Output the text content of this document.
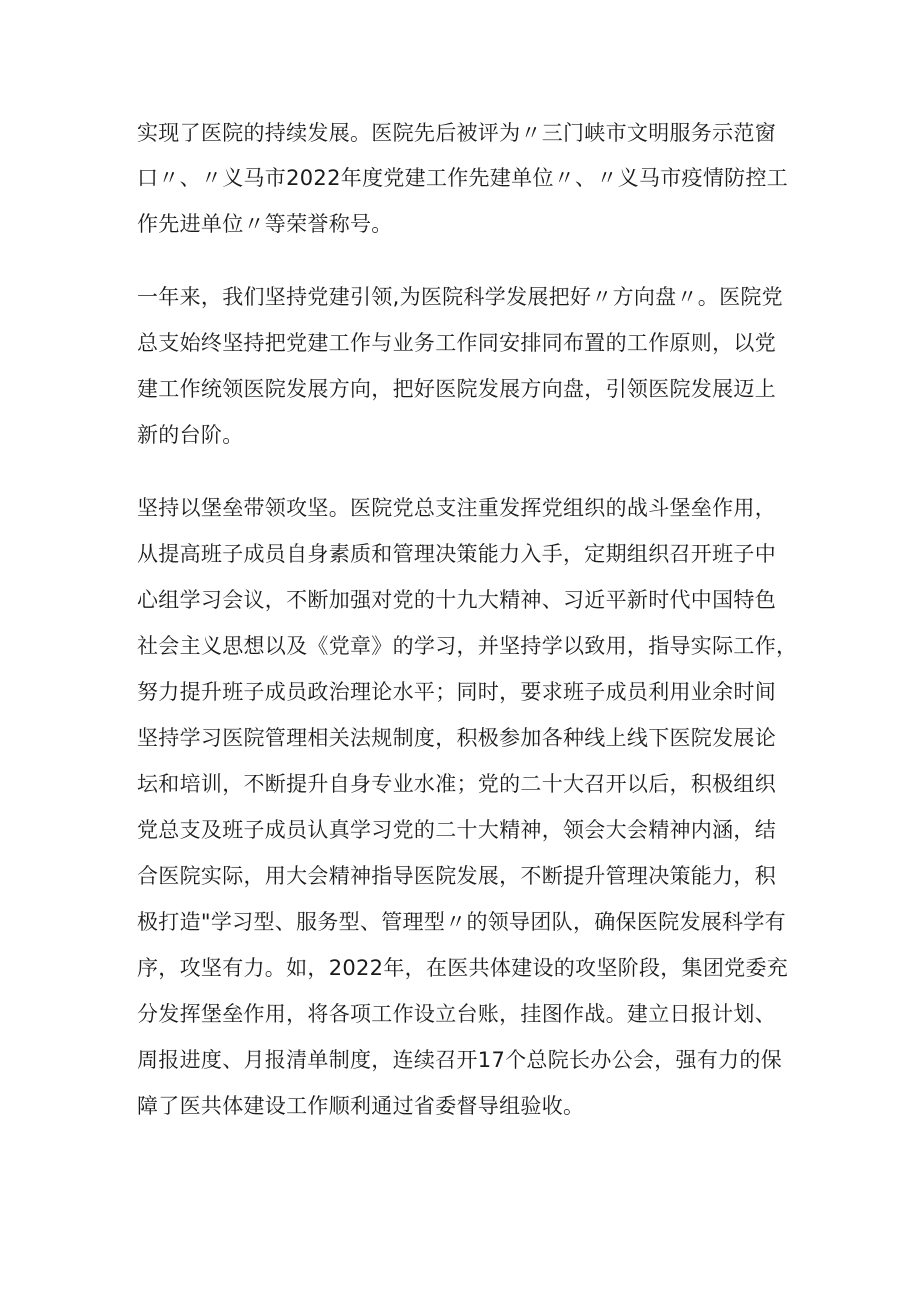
实现了医院的持续发展。医院先后被评为〃三门峡市文明服务示范窗

口〃、〃义马市2022年度党建工作先建单位〃、〃义马市疫情防控工

作先进单位〃等荣誉称号。

一年来，我们坚持党建引领,为医院科学发展把好〃方向盘〃。医院党

总支始终坚持把党建工作与业务工作同安排同布置的工作原则，以党

建工作统领医院发展方向，把好医院发展方向盘，引领医院发展迈上

新的台阶。

坚持以堡垒带领攻坚。医院党总支注重发挥党组织的战斗堡垒作用，

从提高班子成员自身素质和管理决策能力入手，定期组织召开班子中

心组学习会议，不断加强对党的十九大精神、习近平新时代中国特色

社会主义思想以及《党章》的学习，并坚持学以致用，指导实际工作，

努力提升班子成员政治理论水平；同时，要求班子成员利用业余时间

坚持学习医院管理相关法规制度，积极参加各种线上线下医院发展论

坛和培训，不断提升自身专业水准；党的二十大召开以后，积极组织

党总支及班子成员认真学习党的二十大精神，领会大会精神内涵，结

合医院实际，用大会精神指导医院发展，不断提升管理决策能力，积

极打造"学习型、服务型、管理型〃的领导团队，确保医院发展科学有

序，攻坚有力。如，2022年，在医共体建设的攻坚阶段，集团党委充

分发挥堡垒作用，将各项工作设立台账，挂图作战。建立日报计划、

周报进度、月报清单制度，连续召开17个总院长办公会，强有力的保

障了医共体建设工作顺利通过省委督导组验收。
